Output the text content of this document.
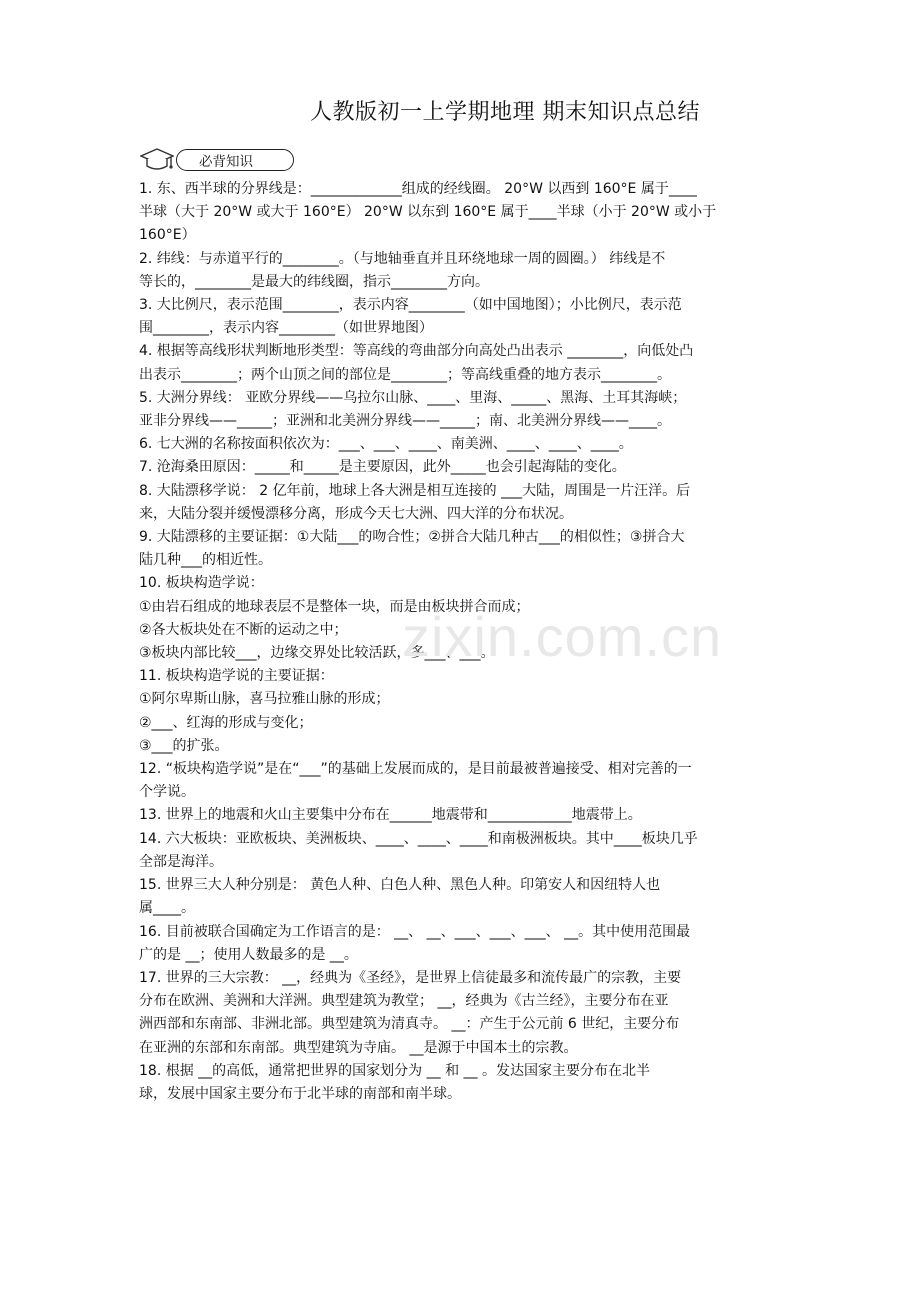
人教版初一上学期地理 期末知识点总结
必背知识

1. 东、西半球的分界线是：_____________组成的经线圈。 20°W 以西到 160°E 属于____

半球（大于 20°W 或大于 160°E） 20°W 以东到 160°E 属于____半球（小于 20°W 或小于

160°E）

2. 纬线：与赤道平行的________。（与地轴垂直并且环绕地球一周的圆圈。） 纬线是不

等长的，________是最大的纬线圈，指示________方向。

3. 大比例尺，表示范围________，表示内容________（如中国地图）；小比例尺，表示范

围________，表示内容________（如世界地图）

4. 根据等高线形状判断地形类型：等高线的弯曲部分向高处凸出表示 ________，向低处凸

出表示________；两个山顶之间的部位是________；等高线重叠的地方表示________。

5. 大洲分界线： 亚欧分界线——乌拉尔山脉、____、里海、_____、黑海、土耳其海峡；

亚非分界线——_____；亚洲和北美洲分界线——_____；南、北美洲分界线——____。

6. 七大洲的名称按面积依次为：___、___、____、南美洲、____、____、____。

7. 沧海桑田原因：_____和_____是主要原因，此外_____也会引起海陆的变化。

8. 大陆漂移学说： 2 亿年前，地球上各大洲是相互连接的 ___大陆，周围是一片汪洋。后

来，大陆分裂并缓慢漂移分离，形成今天七大洲、四大洋的分布状况。

9. 大陆漂移的主要证据：①大陆___的吻合性；②拼合大陆几种古___的相似性；③拼合大

陆几种___的相近性。

10. 板块构造学说：

①由岩石组成的地球表层不是整体一块，而是由板块拼合而成；

②各大板块处在不断的运动之中；

③板块内部比较___，边缘交界处比较活跃，多___、___。

11. 板块构造学说的主要证据：

①阿尔卑斯山脉，喜马拉雅山脉的形成；

②___、红海的形成与变化；

③___的扩张。

12. “板块构造学说”是在“___”的基础上发展而成的，是目前最被普遍接受、相对完善的一

个学说。

13. 世界上的地震和火山主要集中分布在______地震带和____________地震带上。

14. 六大板块：亚欧板块、美洲板块、____、____、____和南极洲板块。其中____板块几乎

全部是海洋。

15. 世界三大人种分别是： 黄色人种、白色人种、黑色人种。印第安人和因纽特人也

属____。

16. 目前被联合国确定为工作语言的是： __、 __、___、___、___、 __。其中使用范围最

广的是 __；使用人数最多的是 __。

17. 世界的三大宗教： __，经典为《圣经》，是世界上信徒最多和流传最广的宗教，主要

分布在欧洲、美洲和大洋洲。典型建筑为教堂； __，经典为《古兰经》，主要分布在亚

洲西部和东南部、非洲北部。典型建筑为清真寺。 __：产生于公元前 6 世纪，主要分布

在亚洲的东部和东南部。典型建筑为寺庙。 __是源于中国本土的宗教。

18. 根据 __的高低，通常把世界的国家划分为 __ 和 __ 。发达国家主要分布在北半

球，发展中国家主要分布于北半球的南部和南半球。

zixin.com.cn
